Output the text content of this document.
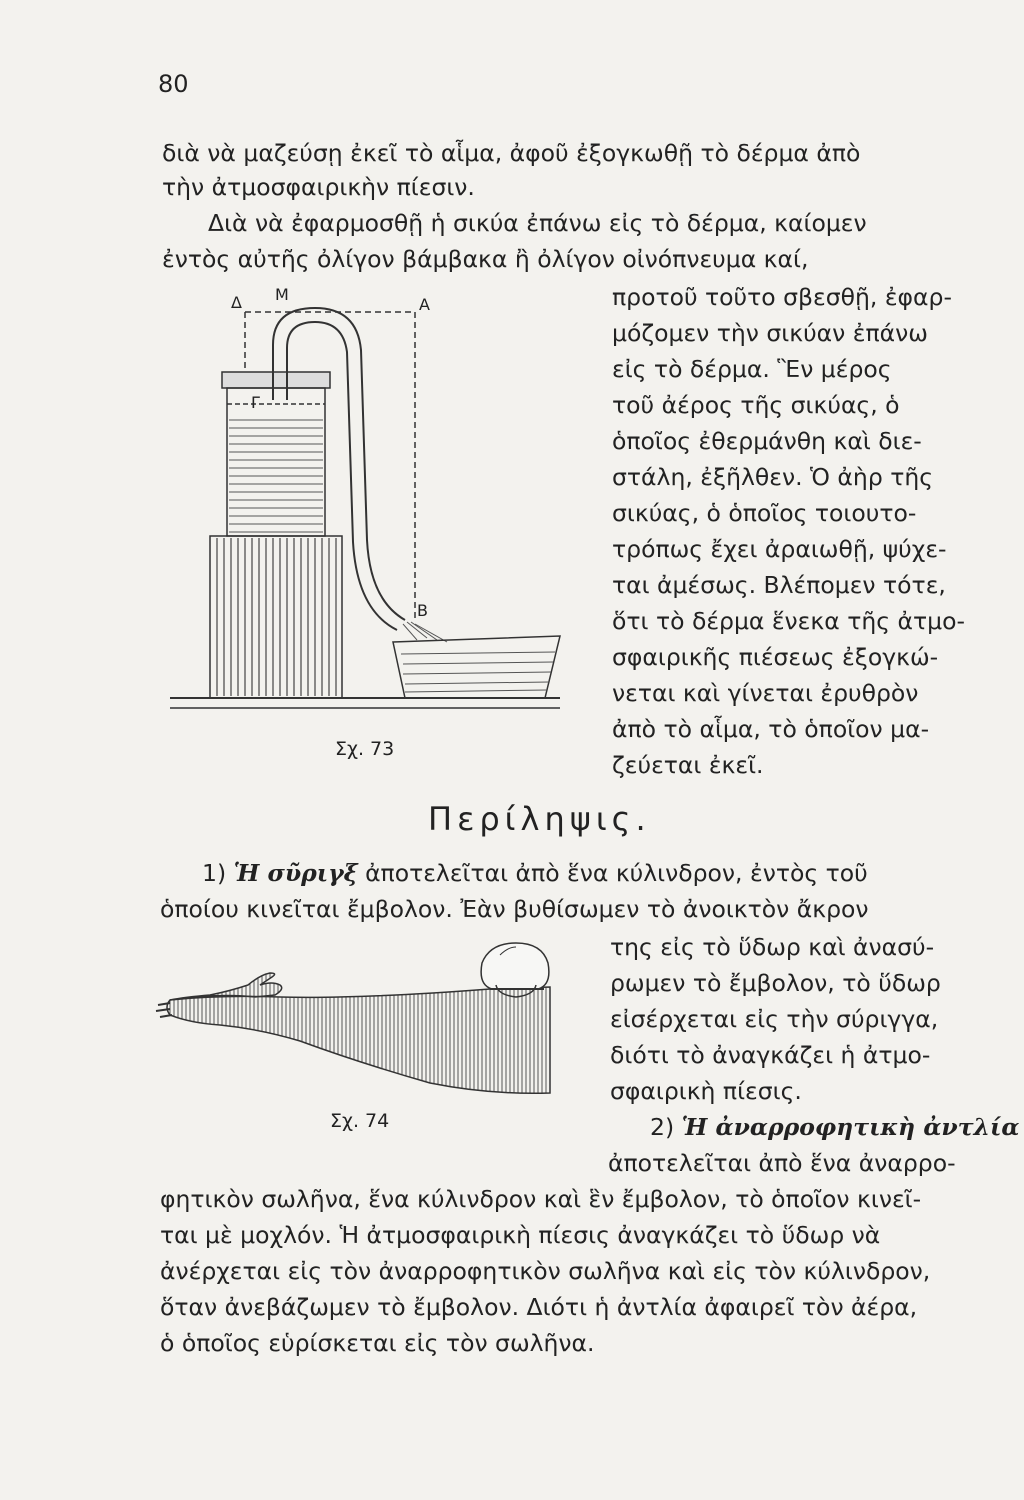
80
διὰ νὰ μαζεύσῃ ἐκεῖ τὸ αἷμα, ἀφοῦ ἐξογκωθῇ τὸ δέρμα ἀπὸ
τὴν ἀτμοσφαιρικὴν πίεσιν.
Διὰ νὰ ἐφαρμοσθῇ ἡ σικύα ἐπάνω εἰς τὸ δέρμα, καίομεν
ἐντὸς αὐτῆς ὀλίγον βάμβακα ἢ ὀλίγον οἰνόπνευμα καί,
προτοῦ τοῦτο σβεσθῇ, ἐφαρ-
μόζομεν τὴν σικύαν ἐπάνω
εἰς τὸ δέρμα. Ἓν μέρος
τοῦ ἀέρος τῆς σικύας, ὁ
ὁποῖος ἐθερμάνθη καὶ διε-
στάλη, ἐξῆλθεν. Ὁ ἀὴρ τῆς
σικύας, ὁ ὁποῖος τοιουτο-
τρόπως ἔχει ἀραιωθῇ, ψύχε-
ται ἀμέσως. Βλέπομεν τότε,
ὅτι τὸ δέρμα ἕνεκα τῆς ἀτμο-
σφαιρικῆς πιέσεως ἐξογκώ-
νεται καὶ γίνεται ἐρυθρὸν
ἀπὸ τὸ αἷμα, τὸ ὁποῖον μα-
ζεύεται ἐκεῖ.
Δ Μ
Α
Γ
Β
Σχ. 73
Περίληψις.
1) Ἡ σῦριγξ ἀποτελεῖται ἀπὸ ἕνα κύλινδρον, ἐντὸς τοῦ
ὁποίου κινεῖται ἔμβολον. Ἐὰν βυθίσωμεν τὸ ἀνοικτὸν ἄκρον
της εἰς τὸ ὕδωρ καὶ ἀνασύ-
ρωμεν τὸ ἔμβολον, τὸ ὕδωρ
εἰσέρχεται εἰς τὴν σύριγγα,
διότι τὸ ἀναγκάζει ἡ ἀτμο-
σφαιρικὴ πίεσις.
Σχ. 74	2) Ἡ ἀναρροφητικὴ ἀντλία
ἀποτελεῖται ἀπὸ ἕνα ἀναρρο-
φητικὸν σωλῆνα, ἕνα κύλινδρον καὶ ἓν ἔμβολον, τὸ ὁποῖον κινεῖ-
ται μὲ μοχλόν. Ἡ ἀτμοσφαιρικὴ πίεσις ἀναγκάζει τὸ ὕδωρ νὰ
ἀνέρχεται εἰς τὸν ἀναρροφητικὸν σωλῆνα καὶ εἰς τὸν κύλινδρον,
ὅταν ἀνεβάζωμεν τὸ ἔμβολον. Διότι ἡ ἀντλία ἀφαιρεῖ τὸν ἀέρα,
ὁ ὁποῖος εὑρίσκεται εἰς τὸν σωλῆνα.
